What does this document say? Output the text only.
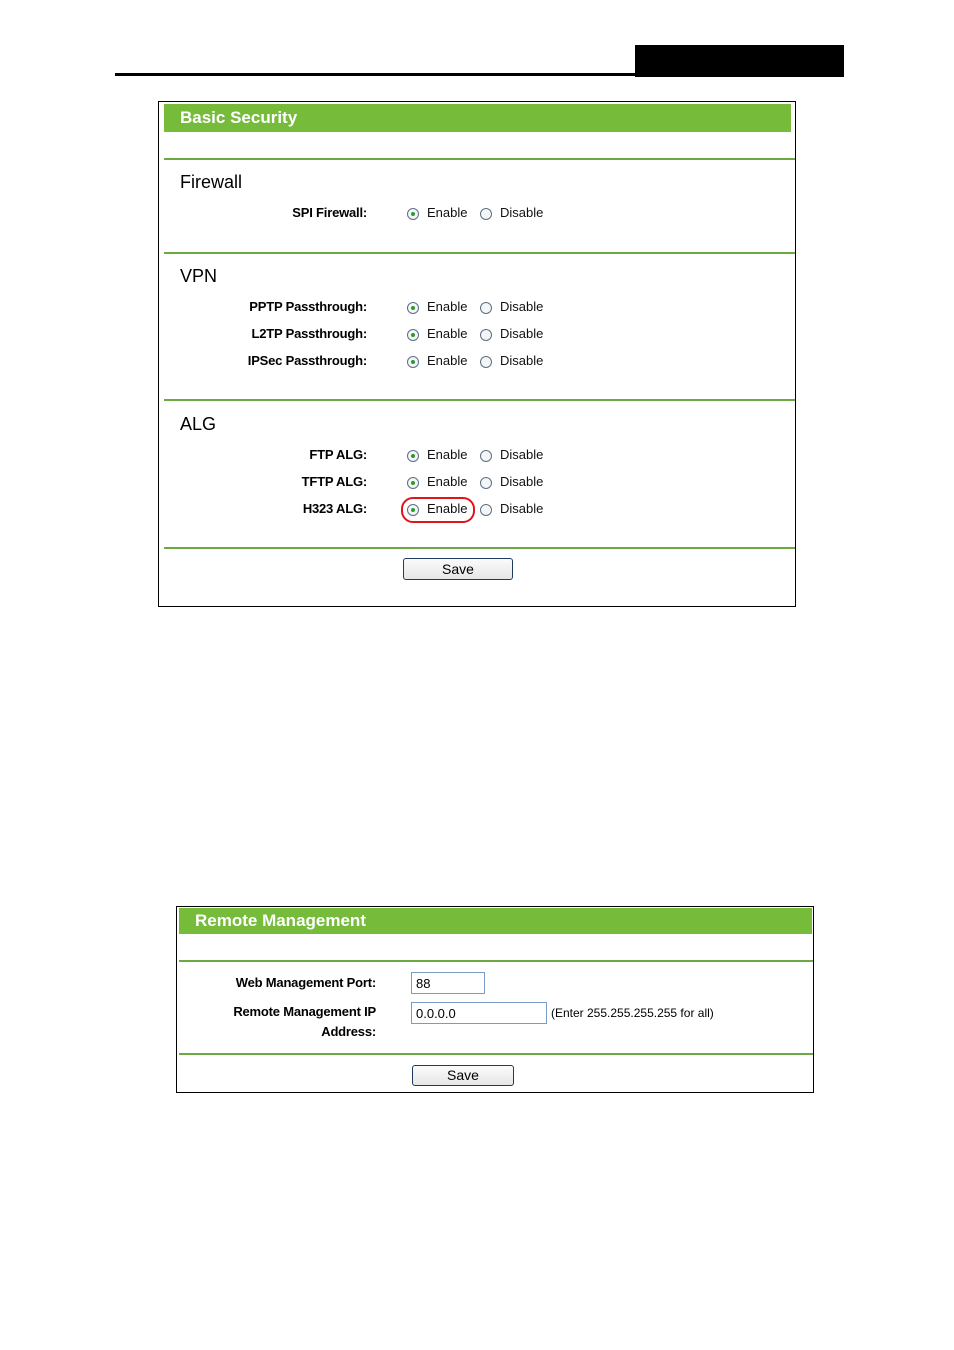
Basic Security
Firewall
SPI Firewall:	Enable	Disable
VPN
PPTP Passthrough:	Enable	Disable
L2TP Passthrough:	Enable	Disable
IPSec Passthrough:	Enable	Disable
ALG
FTP ALG:	Enable	Disable
TFTP ALG:	Enable	Disable
H323 ALG:	Enable	Disable
Save
Remote Management
Web Management Port:
88
Remote Management IP Address:
0.0.0.0
(Enter 255.255.255.255 for all)
Save
